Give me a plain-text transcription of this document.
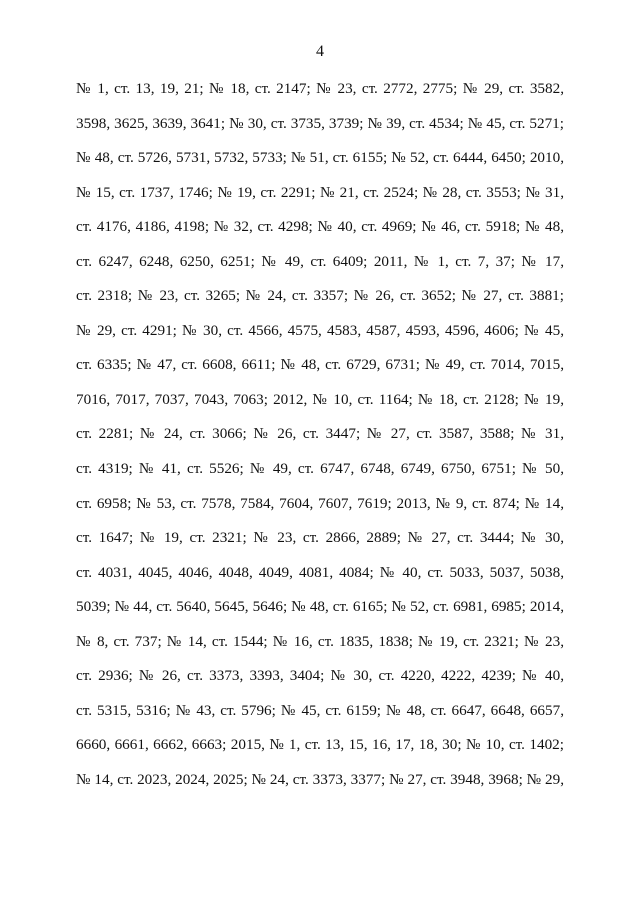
4
№ 1, ст. 13, 19, 21; № 18, ст. 2147; № 23, ст. 2772, 2775; № 29, ст. 3582,
3598, 3625, 3639, 3641; № 30, ст. 3735, 3739; № 39, ст. 4534; № 45, ст. 5271;
№ 48, ст. 5726, 5731, 5732, 5733; № 51, ст. 6155; № 52, ст. 6444, 6450; 2010,
№ 15, ст. 1737, 1746; № 19, ст. 2291; № 21, ст. 2524; № 28, ст. 3553; № 31,
ст. 4176, 4186, 4198; № 32, ст. 4298; № 40, ст. 4969; № 46, ст. 5918; № 48,
ст. 6247, 6248, 6250, 6251; № 49, ст. 6409; 2011, № 1, ст. 7, 37; № 17,
ст. 2318; № 23, ст. 3265; № 24, ст. 3357; № 26, ст. 3652; № 27, ст. 3881;
№ 29, ст. 4291; № 30, ст. 4566, 4575, 4583, 4587, 4593, 4596, 4606; № 45,
ст. 6335; № 47, ст. 6608, 6611; № 48, ст. 6729, 6731; № 49, ст. 7014, 7015,
7016, 7017, 7037, 7043, 7063; 2012, № 10, ст. 1164; № 18, ст. 2128; № 19,
ст. 2281; № 24, ст. 3066; № 26, ст. 3447; № 27, ст. 3587, 3588; № 31,
ст. 4319; № 41, ст. 5526; № 49, ст. 6747, 6748, 6749, 6750, 6751; № 50,
ст. 6958; № 53, ст. 7578, 7584, 7604, 7607, 7619; 2013, № 9, ст. 874; № 14,
ст. 1647; № 19, ст. 2321; № 23, ст. 2866, 2889; № 27, ст. 3444; № 30,
ст. 4031, 4045, 4046, 4048, 4049, 4081, 4084; № 40, ст. 5033, 5037, 5038,
5039; № 44, ст. 5640, 5645, 5646; № 48, ст. 6165; № 52, ст. 6981, 6985; 2014,
№ 8, ст. 737; № 14, ст. 1544; № 16, ст. 1835, 1838; № 19, ст. 2321; № 23,
ст. 2936; № 26, ст. 3373, 3393, 3404; № 30, ст. 4220, 4222, 4239; № 40,
ст. 5315, 5316; № 43, ст. 5796; № 45, ст. 6159; № 48, ст. 6647, 6648, 6657,
6660, 6661, 6662, 6663; 2015, № 1, ст. 13, 15, 16, 17, 18, 30; № 10, ст. 1402;
№ 14, ст. 2023, 2024, 2025; № 24, ст. 3373, 3377; № 27, ст. 3948, 3968; № 29,
